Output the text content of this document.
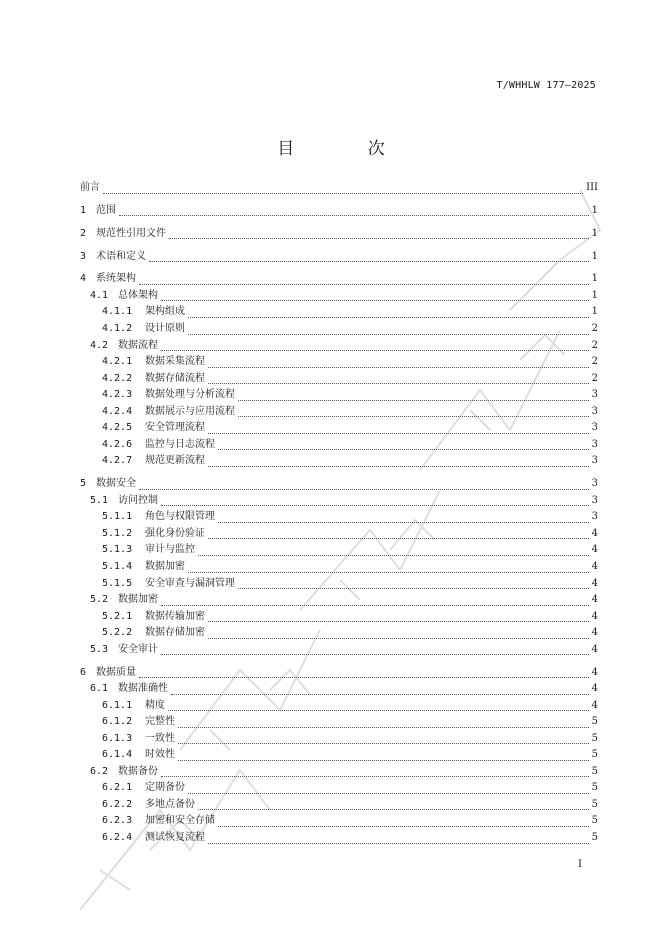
T/WHHLW 177—2025
目 次
前言	III
1 范围	1
2 规范性引用文件	1
3 术语和定义	1
4 系统架构	1
4.1 总体架构	1
4.1.1	架构组成	1
4.1.2	设计原则	2
4.2 数据流程	2
4.2.1	数据采集流程	2
4.2.2	数据存储流程	2
4.2.3	数据处理与分析流程	3
4.2.4	数据展示与应用流程	3
4.2.5	安全管理流程	3
4.2.6	监控与日志流程	3
4.2.7	规范更新流程	3
5 数据安全	3
5.1 访问控制	3
5.1.1	角色与权限管理	3
5.1.2	强化身份验证	4
5.1.3	审计与监控	4
5.1.4	数据加密	4
5.1.5	安全审查与漏洞管理	4
5.2 数据加密	4
5.2.1	数据传输加密	4
5.2.2	数据存储加密	4
5.3 安全审计	4
6 数据质量	4
6.1 数据准确性	4
6.1.1	精度	4
6.1.2	完整性	5
6.1.3	一致性	5
6.1.4	时效性	5
6.2 数据备份	5
6.2.1	定期备份	5
6.2.2	多地点备份	5
6.2.3	加密和安全存储	5
6.2.4	测试恢复流程	5
I
